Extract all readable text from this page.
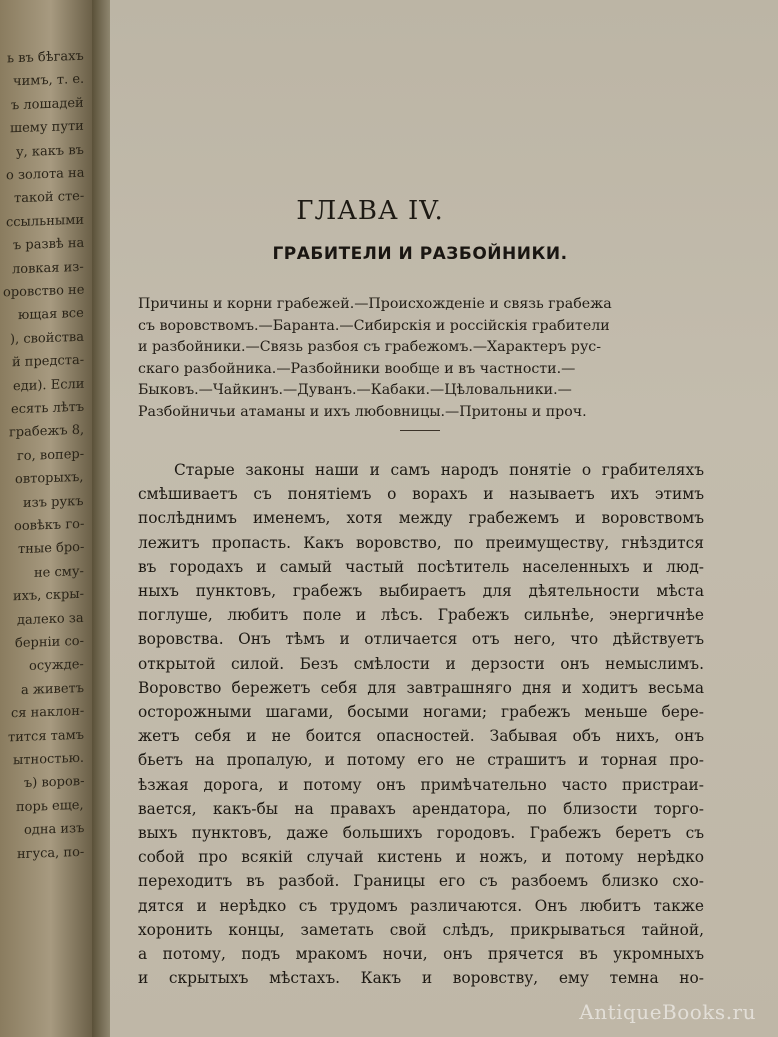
ь въ бѣгахъ
чимъ, т. е.
ъ лошадей
шему пути
у, какъ въ
о золота на
такой сте-
ссыльными
ъ развѣ на
ловкая из-
оровство не
ющая все
), свойства
й предста-
еди). Если
есять лѣтъ
грабежъ 8,
го, вопер-
овторыхъ,
изъ рукъ
оовѣкъ го-
тные бро-
не сму-
ихъ, скры-
далеко за
берніи со-
осужде-
а живетъ
ся наклон-
тится тамъ
ытностью.
ъ) воров-
порь еще,
одна изъ
нгуса, по-
ГЛАВА IV.
ГРАБИТЕЛИ И РАЗБОЙНИКИ.
Причины и корни грабежей.—Происхожденіе и связь грабежа
съ воровствомъ.—Баранта.—Сибирскія и россійскія грабители
и разбойники.—Связь разбоя съ грабежомъ.—Характеръ рус-
скаго разбойника.—Разбойники вообще и въ частности.—
Быковъ.—Чайкинъ.—Дуванъ.—Кабаки.—Цѣловальники.—
Разбойничьи атаманы и ихъ любовницы.—Притоны и проч.
Старые законы наши и самъ народъ понятіе о грабителяхъ
смѣшиваетъ съ понятіемъ о ворахъ и называетъ ихъ этимъ
послѣднимъ именемъ, хотя между грабежемъ и воровствомъ
лежитъ пропасть. Какъ воровство, по преимуществу, гнѣздится
въ городахъ и самый частый посѣтитель населенныхъ и люд-
ныхъ пунктовъ, грабежъ выбираетъ для дѣятельности мѣста
поглуше, любитъ поле и лѣсъ. Грабежъ сильнѣе, энергичнѣе
воровства. Онъ тѣмъ и отличается отъ него, что дѣйствуетъ
открытой силой. Безъ смѣлости и дерзости онъ немыслимъ.
Воровство бережетъ себя для завтрашняго дня и ходитъ весьма
осторожными шагами, босыми ногами; грабежъ меньше бере-
жетъ себя и не боится опасностей. Забывая объ нихъ, онъ
бьетъ на пропалую, и потому его не страшитъ и торная про-
ѣзжая дорога, и потому онъ примѣчательно часто пристраи-
вается, какъ-бы на правахъ арендатора, по близости торго-
выхъ пунктовъ, даже большихъ городовъ. Грабежъ беретъ съ
собой про всякій случай кистень и ножъ, и потому нерѣдко
переходитъ въ разбой. Границы его съ разбоемъ близко схо-
дятся и нерѣдко съ трудомъ различаются. Онъ любитъ также
хоронить концы, заметать свой слѣдъ, прикрываться тайной,
а потому, подъ мракомъ ночи, онъ прячется въ укромныхъ
и скрытыхъ мѣстахъ. Какъ и воровству, ему темна но-
AntiqueBooks.ru
